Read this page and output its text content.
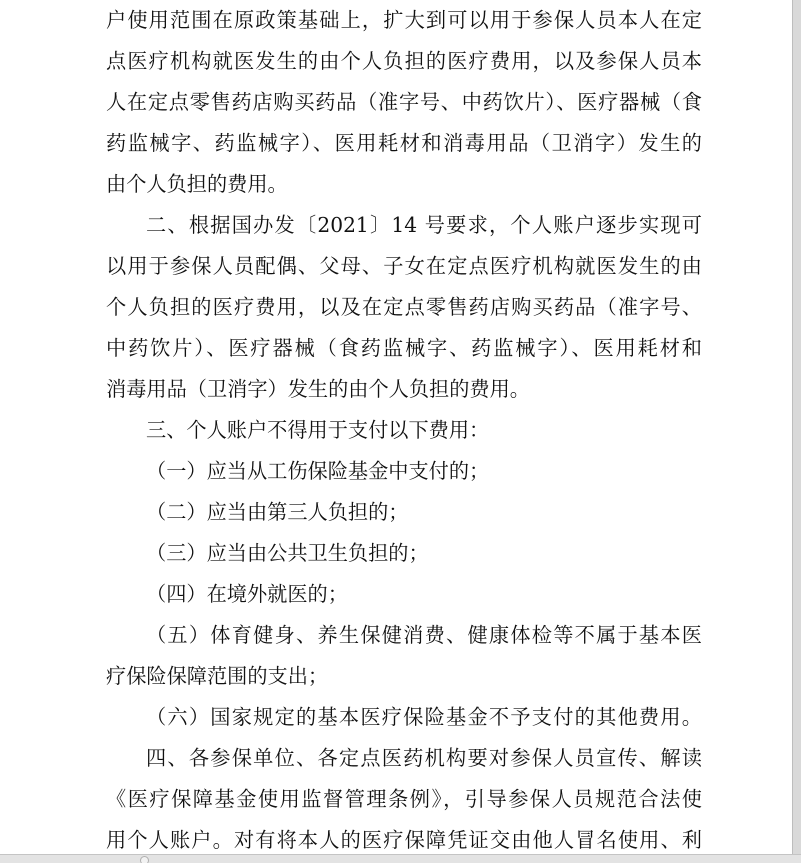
户使用范围在原政策基础上，扩大到可以用于参保人员本人在定
点医疗机构就医发生的由个人负担的医疗费用，以及参保人员本
人在定点零售药店购买药品（准字号、中药饮片）、医疗器械（食
药监械字、药监械字）、医用耗材和消毒用品（卫消字）发生的
由个人负担的费用。
二、根据国办发〔2021〕14 号要求，个人账户逐步实现可
以用于参保人员配偶、父母、子女在定点医疗机构就医发生的由
个人负担的医疗费用，以及在定点零售药店购买药品（准字号、
中药饮片）、医疗器械（食药监械字、药监械字）、医用耗材和
消毒用品（卫消字）发生的由个人负担的费用。
三、个人账户不得用于支付以下费用：
（一）应当从工伤保险基金中支付的；
（二）应当由第三人负担的；
（三）应当由公共卫生负担的；
（四）在境外就医的；
（五）体育健身、养生保健消费、健康体检等不属于基本医
疗保险保障范围的支出；
（六）国家规定的基本医疗保险基金不予支付的其他费用。
四、各参保单位、各定点医药机构要对参保人员宣传、解读
《医疗保障基金使用监督管理条例》，引导参保人员规范合法使
用个人账户。对有将本人的医疗保障凭证交由他人冒名使用、利
